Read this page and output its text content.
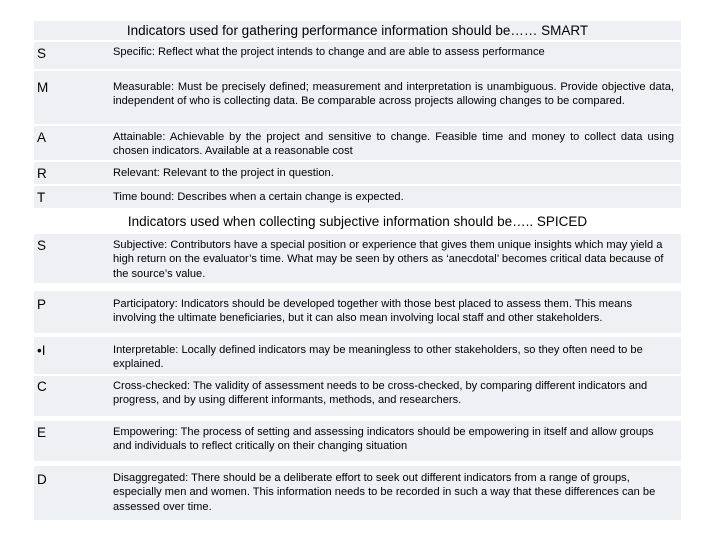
Indicators used for gathering performance information should be…… SMART
S	Specific: Reflect what the project intends to change and are able to assess performance
M	Measurable: Must be precisely defined; measurement and interpretation is unambiguous. Provide objective data, independent of who is collecting data. Be comparable across projects allowing changes to be compared.
A	Attainable: Achievable by the project and sensitive to change. Feasible time and money to collect data using chosen indicators. Available at a reasonable cost
R	Relevant: Relevant to the project in question.
T	Time bound: Describes when a certain change is expected.
Indicators used when collecting subjective information should be….. SPICED
S	Subjective: Contributors have a special position or experience that gives them unique insights which may yield a high return on the evaluator’s time. What may be seen by others as ‘anecdotal’ becomes critical data because of the source’s value.
P	Participatory: Indicators should be developed together with those best placed to assess them. This means involving the ultimate beneficiaries, but it can also mean involving local staff and other stakeholders.
•I	Interpretable: Locally defined indicators may be meaningless to other stakeholders, so they often need to be explained.
C	Cross-checked: The validity of assessment needs to be cross-checked, by comparing different indicators and progress, and by using different informants, methods, and researchers.
E	Empowering: The process of setting and assessing indicators should be empowering in itself and allow groups and individuals to reflect critically on their changing situation
D	Disaggregated: There should be a deliberate effort to seek out different indicators from a range of groups, especially men and women. This information needs to be recorded in such a way that these differences can be assessed over time.
